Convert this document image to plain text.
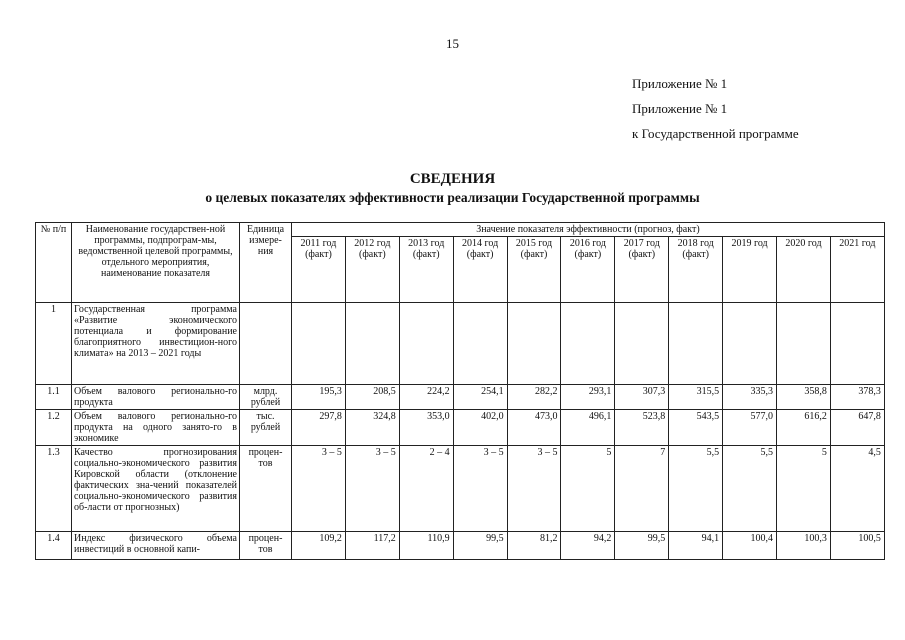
15
Приложение № 1
Приложение № 1
к Государственной программе
СВЕДЕНИЯ
о целевых показателях эффективности реализации Государственной программы
№ п/п	Наименование государствен-ной программы, подпрограм-мы, ведомственной целевой программы, отдельного мероприятия, наименование показателя	Единица измере-ния	Значение показателя эффективности (прогноз, факт)										
			2011 год (факт)	2012 год (факт)	2013 год (факт)	2014 год (факт)	2015 год (факт)	2016 год (факт)	2017 год (факт)	2018 год (факт)	2019 год	2020 год	2021 год
1	Государственная программа «Развитие экономического потенциала и формирование благоприятного инвестицион-ного климата» на 2013 – 2021 годы												
1.1	Объем валового регионально-го продукта	млрд. рублей	195,3	208,5	224,2	254,1	282,2	293,1	307,3	315,5	335,3	358,8	378,3
1.2	Объем валового регионально-го продукта на одного занято-го в экономике	тыс. рублей	297,8	324,8	353,0	402,0	473,0	496,1	523,8	543,5	577,0	616,2	647,8
1.3	Качество прогнозирования социально-экономического развития Кировской области (отклонение фактических зна-чений показателей социально-экономического развития об-ласти от прогнозных)	процен-тов	3 – 5	3 – 5	2 – 4	3 – 5	3 – 5	5	7	5,5	5,5	5	4,5
1.4	Индекс физического объема инвестиций в основной капи-	процен-тов	109,2	117,2	110,9	99,5	81,2	94,2	99,5	94,1	100,4	100,3	100,5
